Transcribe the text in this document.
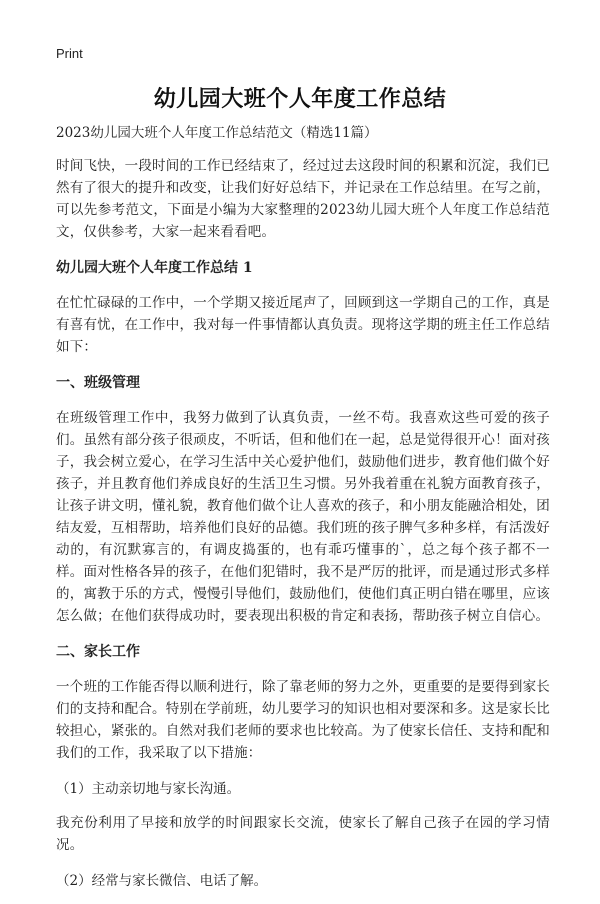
Print
幼儿园大班个人年度工作总结

2023幼儿园大班个人年度工作总结范文（精选11篇）

时间飞快，一段时间的工作已经结束了，经过过去这段时间的积累和沉淀，我们已然有了很大的提升和改变，让我们好好总结下，并记录在工作总结里。在写之前，可以先参考范文，下面是小编为大家整理的2023幼儿园大班个人年度工作总结范文，仅供参考，大家一起来看看吧。

幼儿园大班个人年度工作总结 1

在忙忙碌碌的工作中，一个学期又接近尾声了，回顾到这一学期自己的工作，真是有喜有忧，在工作中，我对每一件事情都认真负责。现将这学期的班主任工作总结如下：

一、班级管理

在班级管理工作中，我努力做到了认真负责，一丝不苟。我喜欢这些可爱的孩子们。虽然有部分孩子很顽皮，不听话，但和他们在一起，总是觉得很开心！面对孩子，我会树立爱心，在学习生活中关心爱护他们，鼓励他们进步，教育他们做个好孩子，并且教育他们养成良好的生活卫生习惯。另外我着重在礼貌方面教育孩子，让孩子讲文明，懂礼貌，教育他们做个让人喜欢的孩子，和小朋友能融洽相处，团结友爱，互相帮助，培养他们良好的品德。我们班的孩子脾气多种多样，有活泼好动的，有沉默寡言的，有调皮捣蛋的，也有乖巧懂事的`，总之每个孩子都不一样。面对性格各异的孩子，在他们犯错时，我不是严厉的批评，而是通过形式多样的，寓教于乐的方式，慢慢引导他们，鼓励他们，使他们真正明白错在哪里，应该怎么做；在他们获得成功时，要表现出积极的肯定和表扬，帮助孩子树立自信心。

二、家长工作

一个班的工作能否得以顺利进行，除了靠老师的努力之外，更重要的是要得到家长们的支持和配合。特别在学前班，幼儿要学习的知识也相对要深和多。这是家长比较担心，紧张的。自然对我们老师的要求也比较高。为了使家长信任、支持和配和我们的工作，我采取了以下措施：

（1）主动亲切地与家长沟通。

我充份利用了早接和放学的时间跟家长交流，使家长了解自己孩子在园的学习情况。

（2）经常与家长微信、电话了解。
